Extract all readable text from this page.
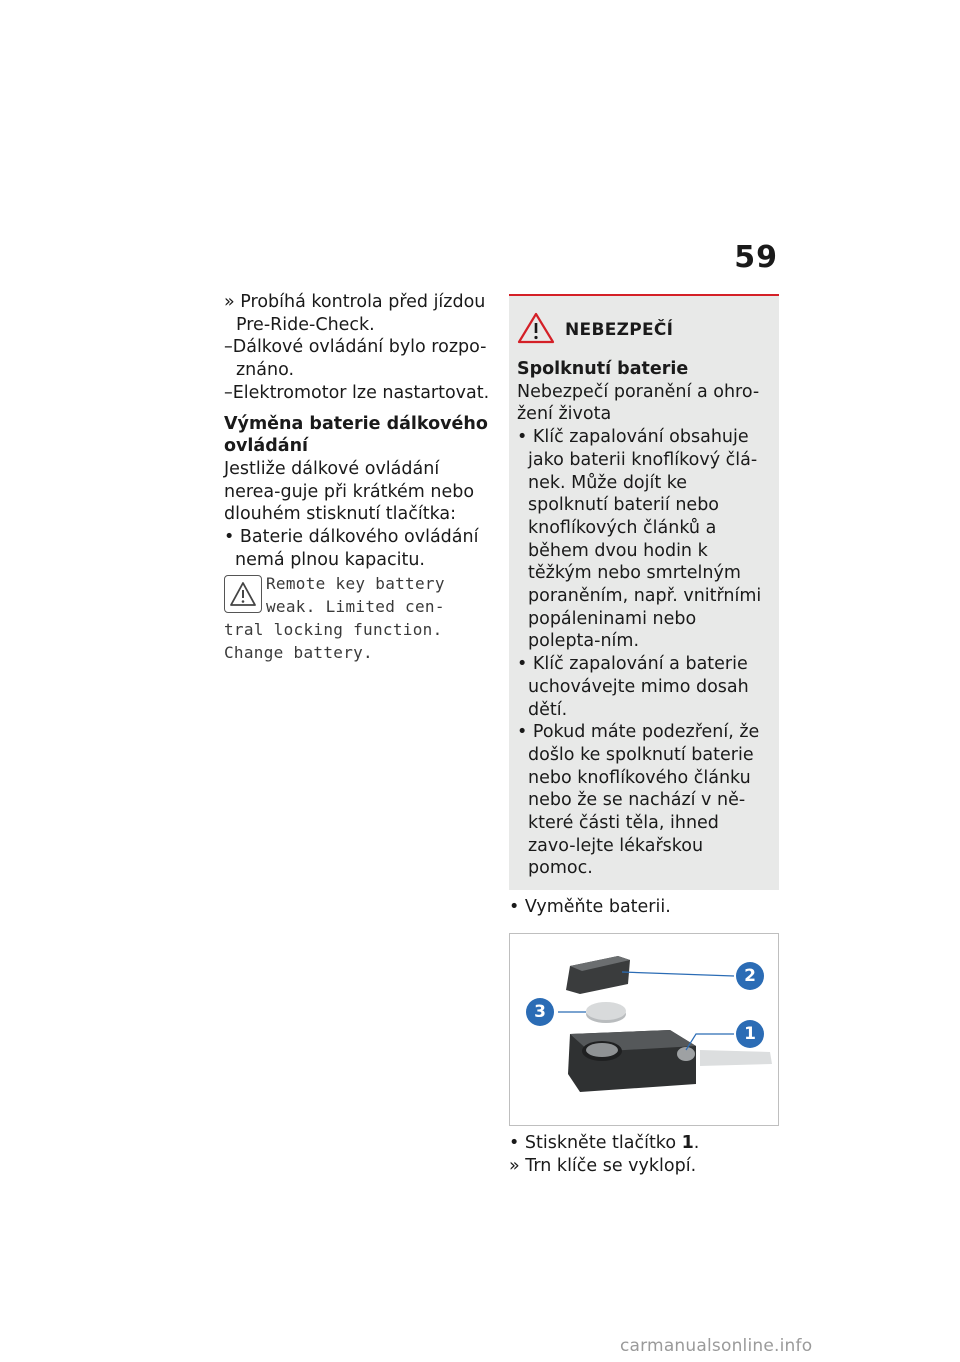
59

» Probíhá kontrola před jízdou Pre-Ride-Check.

–Dálkové ovládání bylo rozpo-znáno.

–Elektromotor lze nastartovat.

Výměna baterie dálkového ovládání

Jestliže dálkové ovládání nerea-guje při krátkém nebo dlouhém stisknutí tlačítka:

• Baterie dálkového ovládání nemá plnou kapacitu.

Remote key battery
weak. Limited cen-
tral locking function.
Change battery.
NEBEZPEČÍ

Spolknutí baterie

Nebezpečí poranění a ohro-žení života

• Klíč zapalování obsahuje jako baterii knoflíkový člá-nek. Může dojít ke spolknutí baterií nebo knoflíkových článků a během dvou hodin k těžkým nebo smrtelným poraněním, např. vnitřními popáleninami nebo polepta-ním.

• Klíč zapalování a baterie uchovávejte mimo dosah dětí.

• Pokud máte podezření, že došlo ke spolknutí baterie nebo knoflíkového článku nebo že se nachází v ně-které části těla, ihned zavo-lejte lékařskou pomoc.

• Vyměňte baterii.

2
3
1

• Stiskněte tlačítko 1.

» Trn klíče se vyklopí.

carmanualsonline.info
